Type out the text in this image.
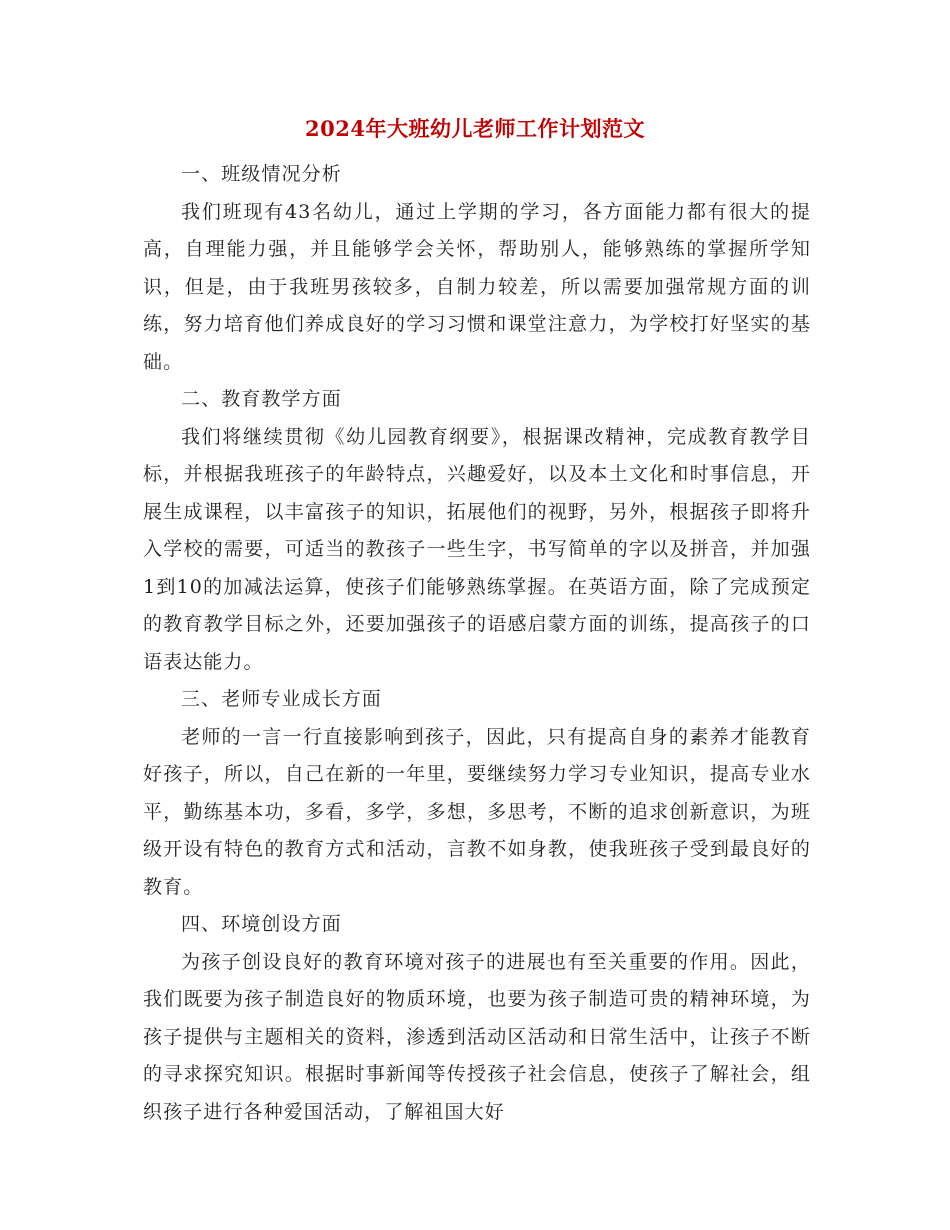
2024年大班幼儿老师工作计划范文

一、班级情况分析

我们班现有43名幼儿，通过上学期的学习，各方面能力都有很大的提高，自理能力强，并且能够学会关怀，帮助别人，能够熟练的掌握所学知识，但是，由于我班男孩较多，自制力较差，所以需要加强常规方面的训练，努力培育他们养成良好的学习习惯和课堂注意力，为学校打好坚实的基础。

二、教育教学方面

我们将继续贯彻《幼儿园教育纲要》，根据课改精神，完成教育教学目标，并根据我班孩子的年龄特点，兴趣爱好，以及本土文化和时事信息，开展生成课程，以丰富孩子的知识，拓展他们的视野，另外，根据孩子即将升入学校的需要，可适当的教孩子一些生字，书写简单的字以及拼音，并加强1到10的加减法运算，使孩子们能够熟练掌握。在英语方面，除了完成预定的教育教学目标之外，还要加强孩子的语感启蒙方面的训练，提高孩子的口语表达能力。

三、老师专业成长方面

老师的一言一行直接影响到孩子，因此，只有提高自身的素养才能教育好孩子，所以，自己在新的一年里，要继续努力学习专业知识，提高专业水平，勤练基本功，多看，多学，多想，多思考，不断的追求创新意识，为班级开设有特色的教育方式和活动，言教不如身教，使我班孩子受到最良好的教育。

四、环境创设方面

为孩子创设良好的教育环境对孩子的进展也有至关重要的作用。因此，我们既要为孩子制造良好的物质环境，也要为孩子制造可贵的精神环境，为孩子提供与主题相关的资料，渗透到活动区活动和日常生活中，让孩子不断的寻求探究知识。根据时事新闻等传授孩子社会信息，使孩子了解社会，组织孩子进行各种爱国活动，了解祖国大好
